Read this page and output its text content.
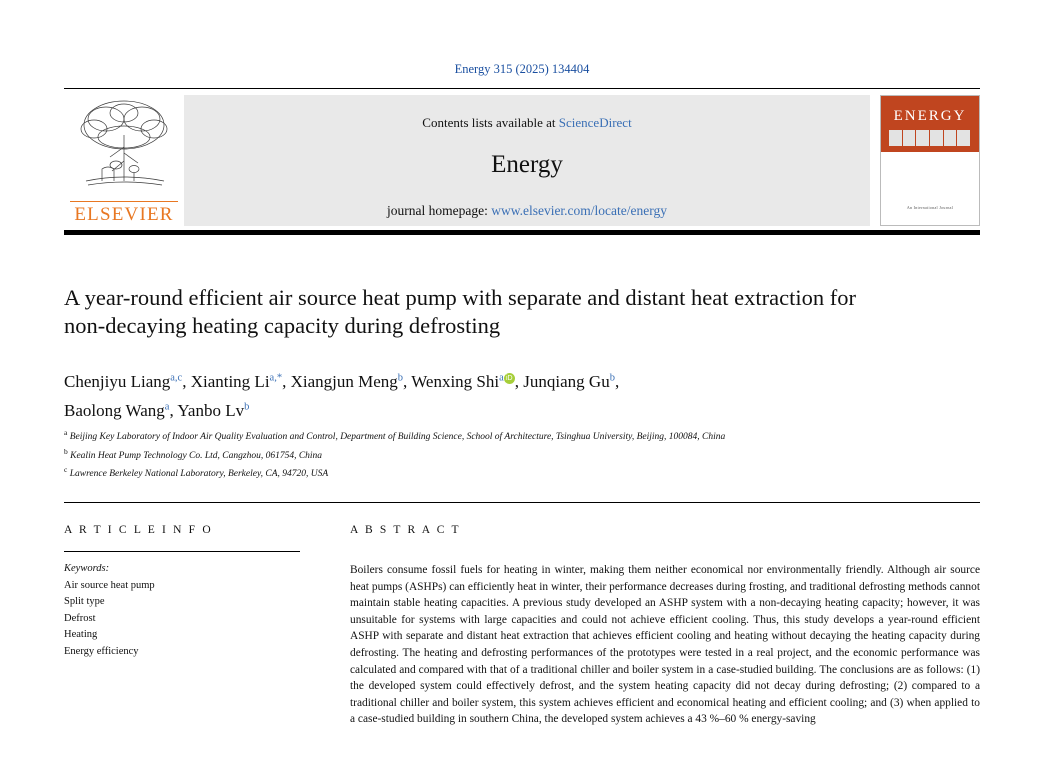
Energy 315 (2025) 134404
ELSEVIER
Contents lists available at ScienceDirect
Energy
journal homepage: www.elsevier.com/locate/energy
ENERGY
An International Journal
A year-round efficient air source heat pump with separate and distant heat extraction for non-decaying heating capacity during defrosting
Chenjiyu Liang$^{a,c}$, Xianting Li$^{a,*}$, Xiangjun Meng$^b$, Wenxing Shi$^a$ iD , Junqiang Gu$^b$,
Baolong Wang$^a$, Yanbo Lv$^b$
$^a$ Beijing Key Laboratory of Indoor Air Quality Evaluation and Control, Department of Building Science, School of Architecture, Tsinghua University, Beijing, 100084, China
$^b$ Kealin Heat Pump Technology Co. Ltd, Cangzhou, 061754, China
$^c$ Lawrence Berkeley National Laboratory, Berkeley, CA, 94720, USA
A R T I C L E I N F O
Keywords:
Air source heat pump
Split type
Defrost
Heating
Energy efficiency
A B S T R A C T
Boilers consume fossil fuels for heating in winter, making them neither economical nor environmentally friendly. Although air source heat pumps (ASHPs) can efficiently heat in winter, their performance decreases during frosting, and traditional defrosting methods cannot maintain stable heating capacities. A previous study developed an ASHP system with a non-decaying heating capacity; however, it was unsuitable for systems with large capacities and could not achieve efficient cooling. Thus, this study develops a year-round efficient ASHP with separate and distant heat extraction that achieves efficient cooling and heating without decaying the heating capacity during defrosting. The heating and defrosting performances of the prototypes were tested in a real project, and the economic performance was calculated and compared with that of a traditional chiller and boiler system in a case-studied building. The conclusions are as follows: (1) the developed system could effectively defrost, and the system heating capacity did not decay during defrosting; (2) compared to a traditional chiller and boiler system, this system achieves efficient and economical heating and efficient cooling; and (3) when applied to a case-studied building in southern China, the developed system achieves a 43 %–60 % energy-saving
